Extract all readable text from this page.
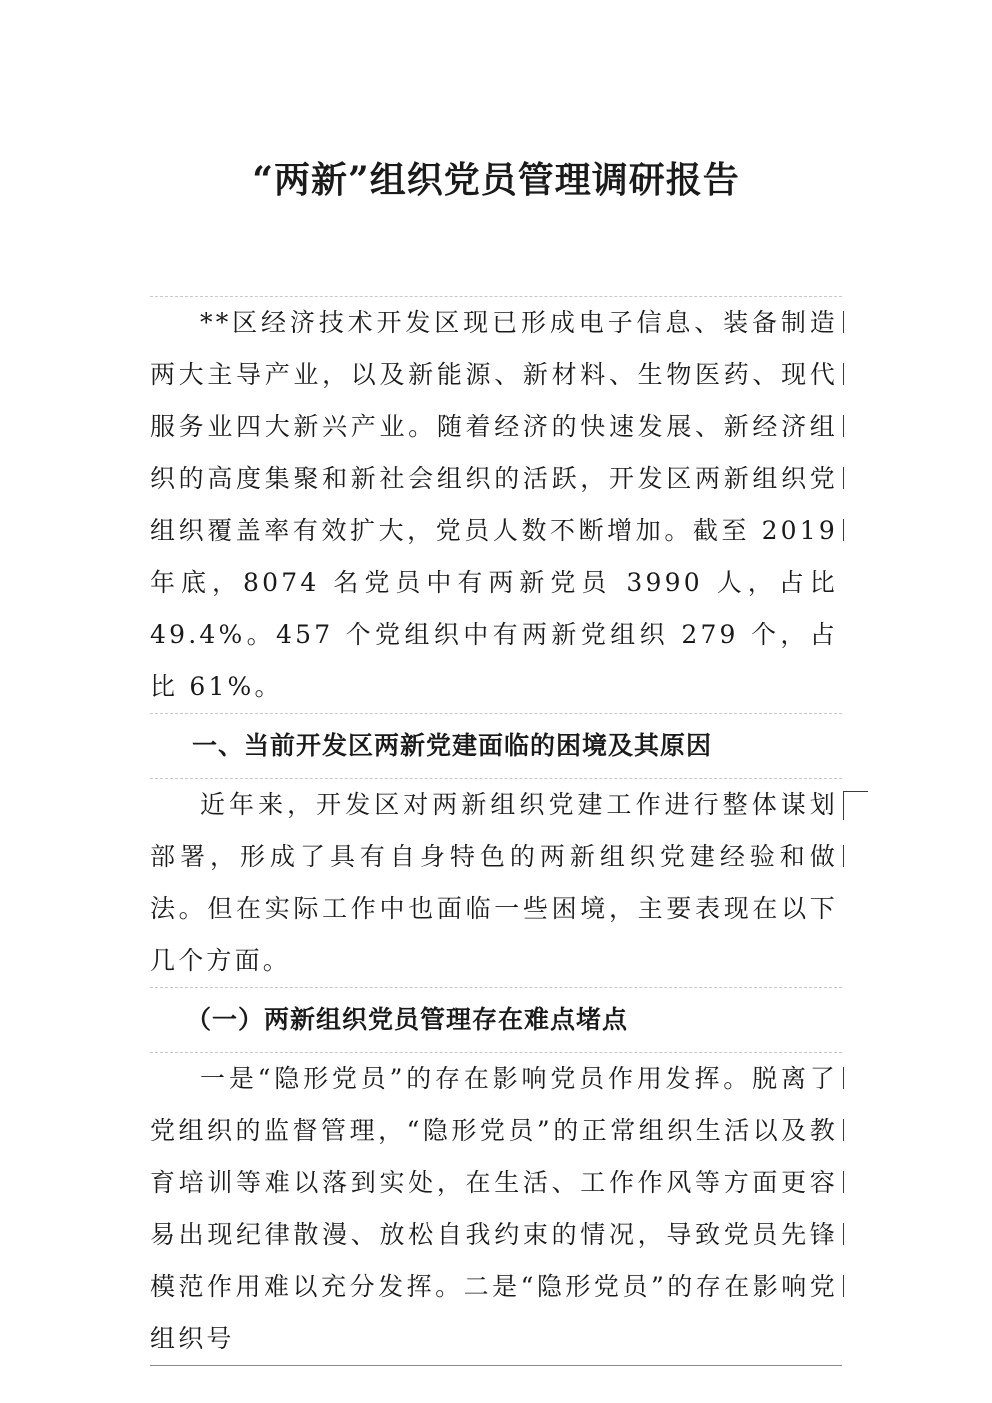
“两新”组织党员管理调研报告

**区经济技术开发区现已形成电子信息、装备制造两大主导产业，以及新能源、新材料、生物医药、现代服务业四大新兴产业。随着经济的快速发展、新经济组织的高度集聚和新社会组织的活跃，开发区两新组织党组织覆盖率有效扩大，党员人数不断增加。截至 2019 年底，8074 名党员中有两新党员 3990 人，占比 49.4%。457 个党组织中有两新党组织 279 个，占比 61%。

一、当前开发区两新党建面临的困境及其原因

近年来，开发区对两新组织党建工作进行整体谋划部署，形成了具有自身特色的两新组织党建经验和做法。但在实际工作中也面临一些困境，主要表现在以下几个方面。

（一）两新组织党员管理存在难点堵点

一是“隐形党员”的存在影响党员作用发挥。脱离了党组织的监督管理，“隐形党员”的正常组织生活以及教育培训等难以落到实处，在生活、工作作风等方面更容易出现纪律散漫、放松自我约束的情况，导致党员先锋模范作用难以充分发挥。二是“隐形党员”的存在影响党组织号
